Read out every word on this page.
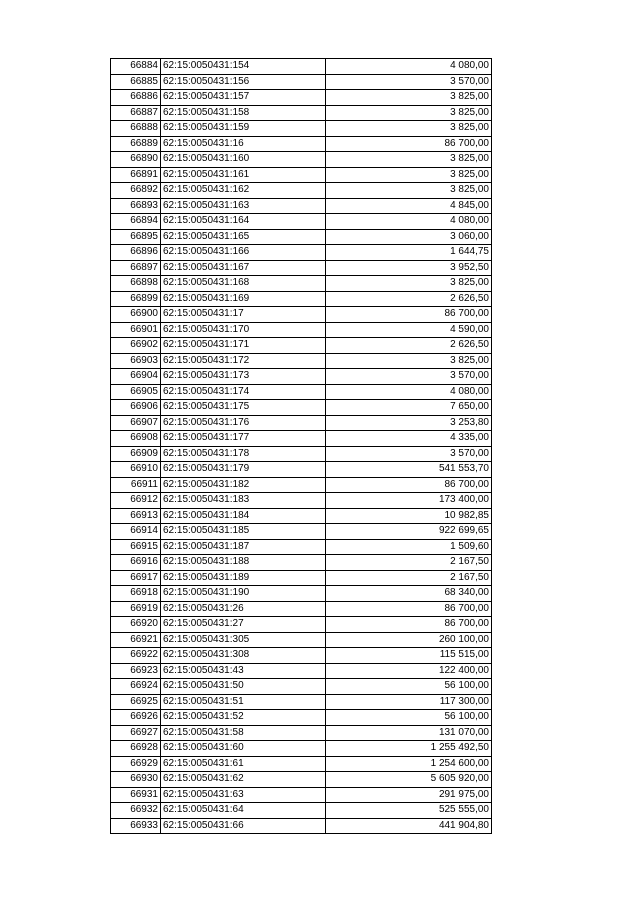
66884	62:15:0050431:154	4 080,00
66885	62:15:0050431:156	3 570,00
66886	62:15:0050431:157	3 825,00
66887	62:15:0050431:158	3 825,00
66888	62:15:0050431:159	3 825,00
66889	62:15:0050431:16	86 700,00
66890	62:15:0050431:160	3 825,00
66891	62:15:0050431:161	3 825,00
66892	62:15:0050431:162	3 825,00
66893	62:15:0050431:163	4 845,00
66894	62:15:0050431:164	4 080,00
66895	62:15:0050431:165	3 060,00
66896	62:15:0050431:166	1 644,75
66897	62:15:0050431:167	3 952,50
66898	62:15:0050431:168	3 825,00
66899	62:15:0050431:169	2 626,50
66900	62:15:0050431:17	86 700,00
66901	62:15:0050431:170	4 590,00
66902	62:15:0050431:171	2 626,50
66903	62:15:0050431:172	3 825,00
66904	62:15:0050431:173	3 570,00
66905	62:15:0050431:174	4 080,00
66906	62:15:0050431:175	7 650,00
66907	62:15:0050431:176	3 253,80
66908	62:15:0050431:177	4 335,00
66909	62:15:0050431:178	3 570,00
66910	62:15:0050431:179	541 553,70
66911	62:15:0050431:182	86 700,00
66912	62:15:0050431:183	173 400,00
66913	62:15:0050431:184	10 982,85
66914	62:15:0050431:185	922 699,65
66915	62:15:0050431:187	1 509,60
66916	62:15:0050431:188	2 167,50
66917	62:15:0050431:189	2 167,50
66918	62:15:0050431:190	68 340,00
66919	62:15:0050431:26	86 700,00
66920	62:15:0050431:27	86 700,00
66921	62:15:0050431:305	260 100,00
66922	62:15:0050431:308	115 515,00
66923	62:15:0050431:43	122 400,00
66924	62:15:0050431:50	56 100,00
66925	62:15:0050431:51	117 300,00
66926	62:15:0050431:52	56 100,00
66927	62:15:0050431:58	131 070,00
66928	62:15:0050431:60	1 255 492,50
66929	62:15:0050431:61	1 254 600,00
66930	62:15:0050431:62	5 605 920,00
66931	62:15:0050431:63	291 975,00
66932	62:15:0050431:64	525 555,00
66933	62:15:0050431:66	441 904,80
